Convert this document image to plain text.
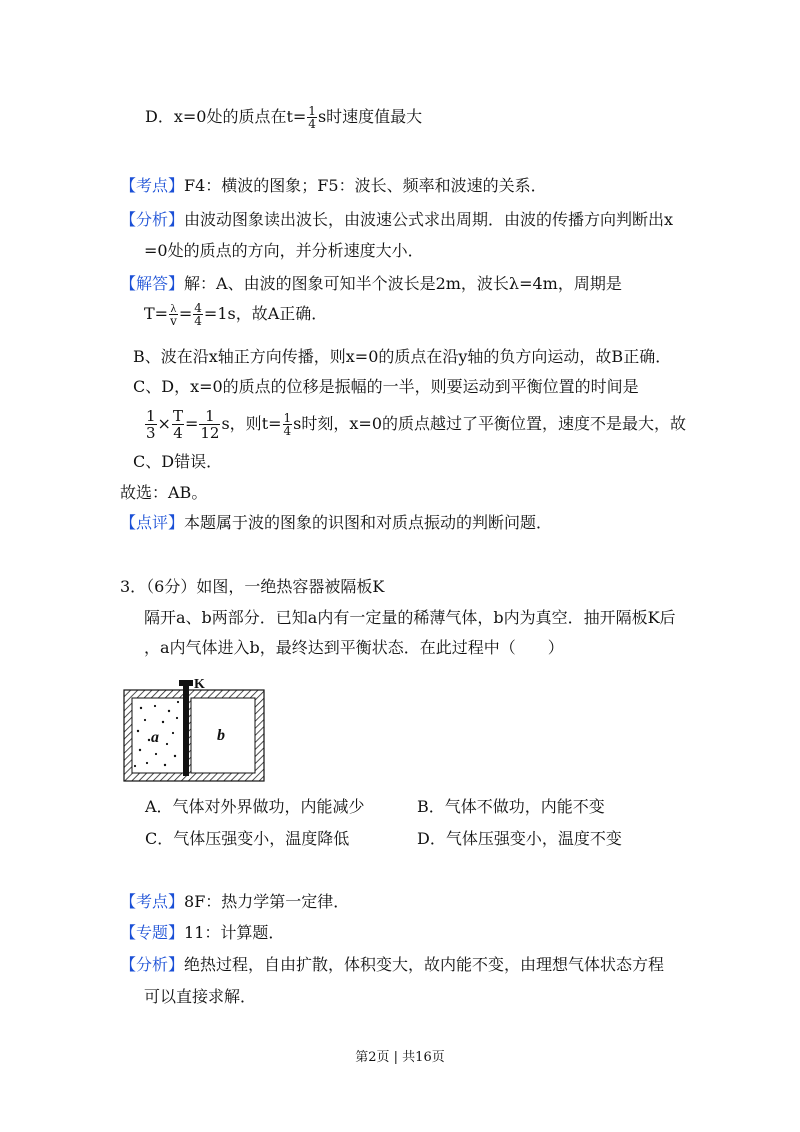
D．x=0处的质点在$t= \frac{1}{4}$ s时速度值最大
【考点】F4：横波的图象；F5：波长、频率和波速的关系．
【分析】由波动图象读出波长，由波速公式求出周期．由波的传播方向判断出x
=0处的质点的方向，并分析速度大小．
【解答】解：A、由波的图象可知半个波长是2m，波长λ=4m，周期是
$T= \frac{\lambda}{v} = \frac{4}{4} =1s$，故A正确．
B、波在沿x轴正方向传播，则x=0的质点在沿y轴的负方向运动，故B正确．
C、D，x=0的质点的位移是振幅的一半，则要运动到平衡位置的时间是
$\frac{1}{3} \times \frac{T}{4} = \frac{1}{12}$ s，则$t= \frac{1}{4}$ s时刻，x=0的质点越过了平衡位置，速度不是最大，故
C、D错误．
故选：AB。
【点评】本题属于波的图象的识图和对质点振动的判断问题．
3．（6分）如图，一绝热容器被隔板K
隔开a、b两部分．已知a内有一定量的稀薄气体，b内为真空．抽开隔板K后
，a内气体进入b，最终达到平衡状态．在此过程中（　　）
K
a	b
A．气体对外界做功，内能减少	B．气体不做功，内能不变
C．气体压强变小，温度降低	D．气体压强变小，温度不变
【考点】8F：热力学第一定律．
【专题】11：计算题．
【分析】绝热过程，自由扩散，体积变大，故内能不变，由理想气体状态方程
可以直接求解．
第2页 | 共16页
